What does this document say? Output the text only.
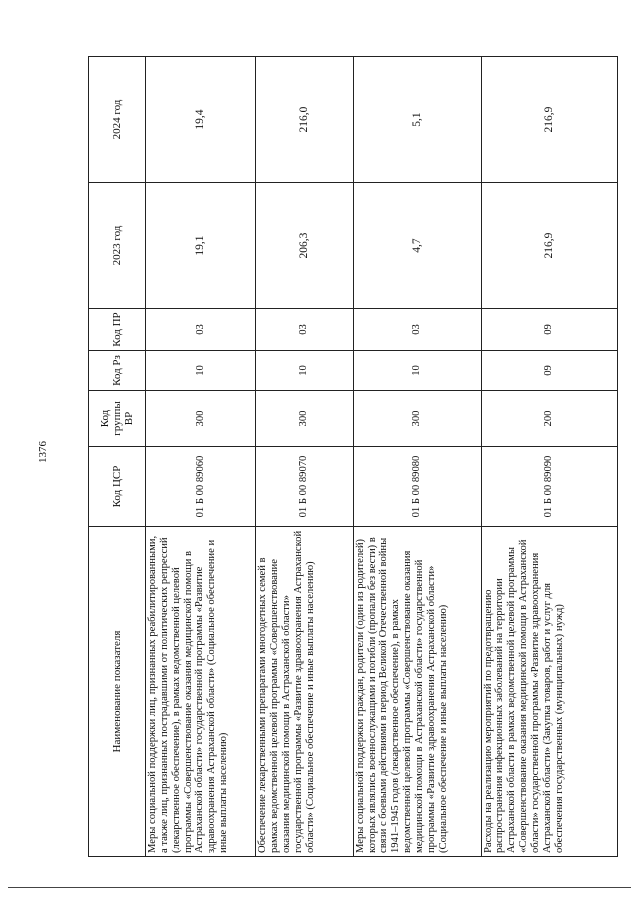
1376
Наименование показателя	Код ЦСР	Код группы ВР	Код Рз	Код ПР	2023 год	2024 год
Меры социальной поддержки лиц, признанных реабилитированными, а также лиц, признанных пострадавшими от политических репрессий (лекарственное обеспечение), в рамках ведомственной целевой программы «Совершенствование оказания медицинской помощи в Астраханской области» государственной программы «Развитие здравоохранения Астраханской области» (Социальное обеспечение и иные выплаты населению)	01 Б 00 89060	300	10	03	19,1	19,4
Обеспечение лекарственными препаратами многодетных семей в рамках ведомственной целевой программы «Совершенствование оказания медицинской помощи в Астраханской области» государственной программы «Развитие здравоохранения Астраханской области» (Социальное обеспечение и иные выплаты населению)	01 Б 00 89070	300	10	03	206,3	216,0
Меры социальной поддержки граждан, родители (один из родителей) которых являлись военнослужащими и погибли (пропали без вести) в связи с боевыми действиями в период Великой Отечественной войны 1941–1945 годов (лекарственное обеспечение), в рамках ведомственной целевой программы «Совершенствование оказания медицинской помощи в Астраханской области» государственной программы «Развитие здравоохранения Астраханской области» (Социальное обеспечение и иные выплаты населению)	01 Б 00 89080	300	10	03	4,7	5,1
Расходы на реализацию мероприятий по предотвращению распространения инфекционных заболеваний на территории Астраханской области в рамках ведомственной целевой программы «Совершенствование оказания медицинской помощи в Астраханской области» государственной программы «Развитие здравоохранения Астраханской области» (Закупка товаров, работ и услуг для обеспечения государственных (муниципальных) нужд)	01 Б 00 89090	200	09	09	216,9	216,9
